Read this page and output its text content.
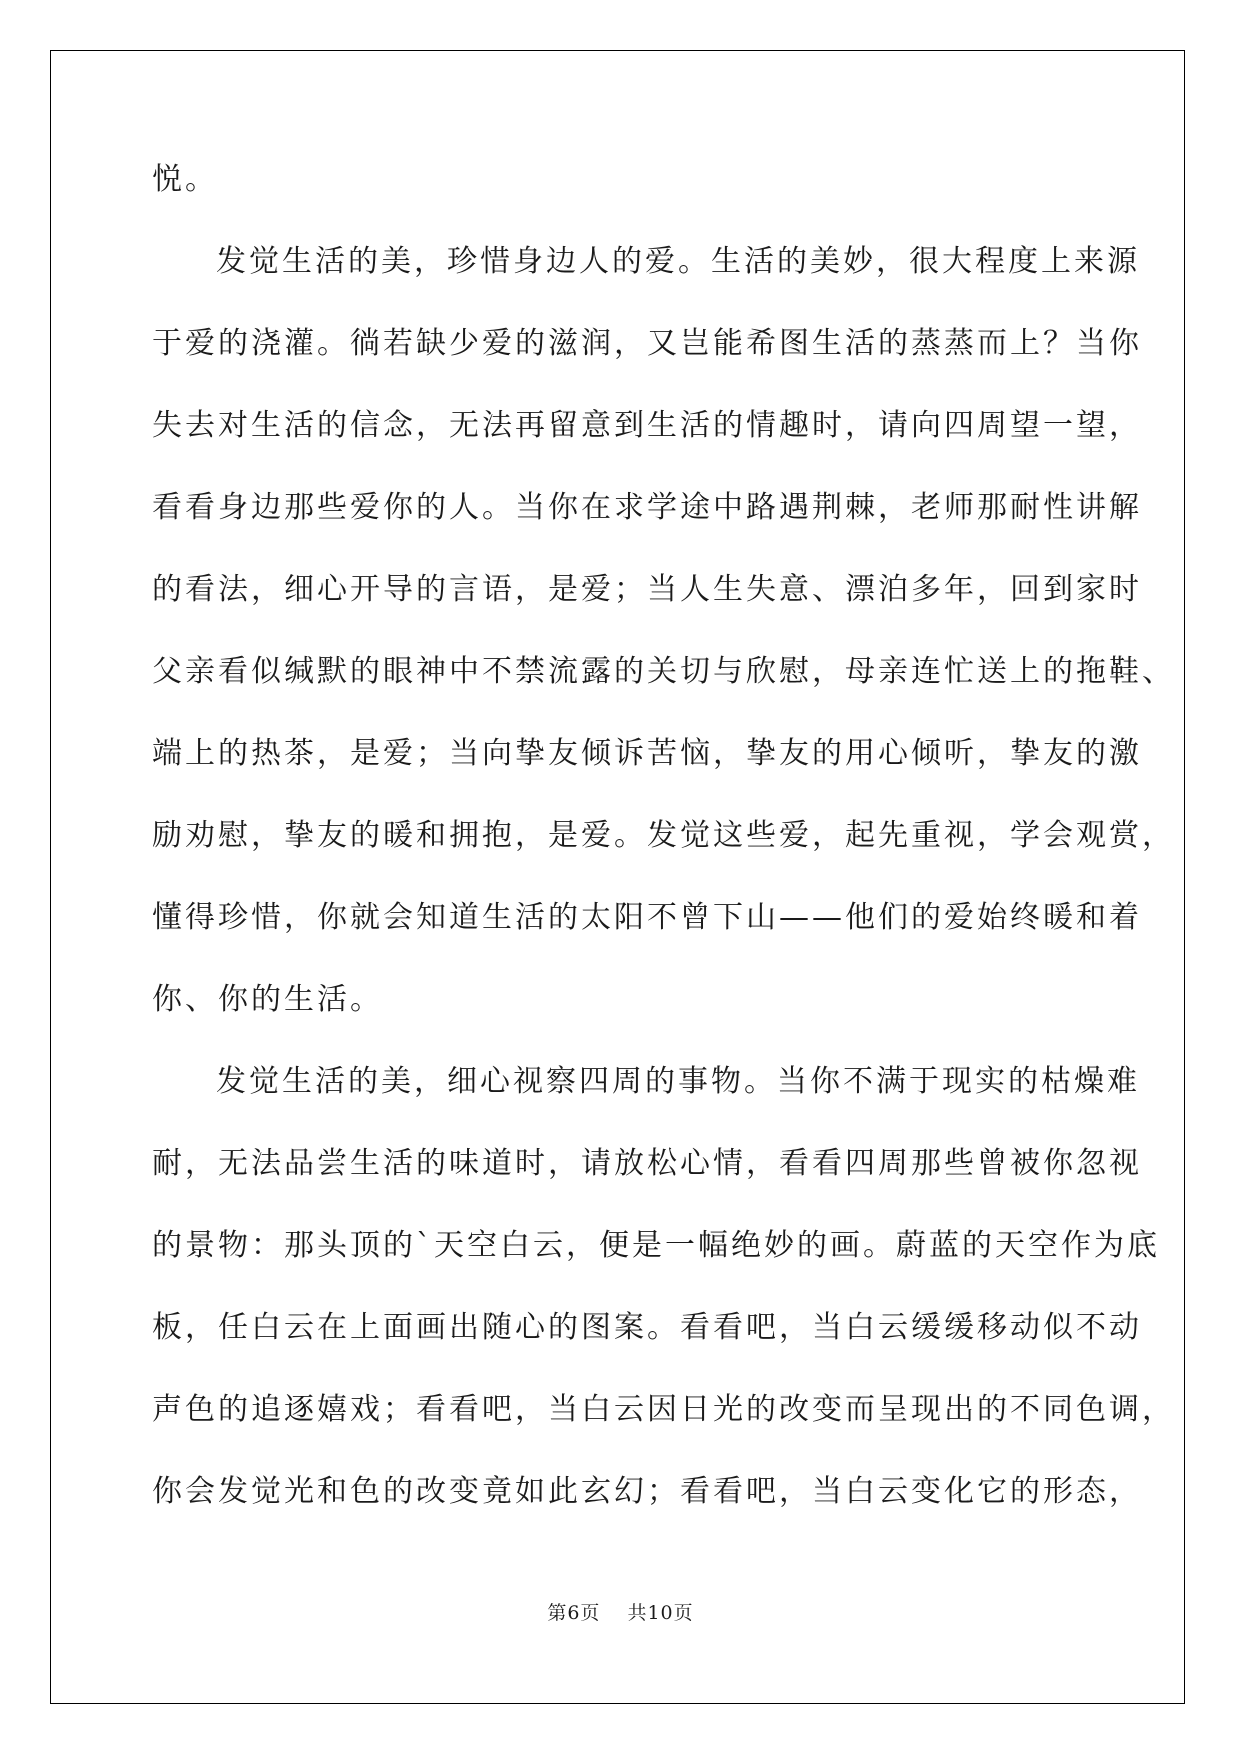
悦。
发觉生活的美，珍惜身边人的爱。生活的美妙，很大程度上来源
于爱的浇灌。徜若缺少爱的滋润，又岂能希图生活的蒸蒸而上？当你
失去对生活的信念，无法再留意到生活的情趣时，请向四周望一望，
看看身边那些爱你的人。当你在求学途中路遇荆棘，老师那耐性讲解
的看法，细心开导的言语，是爱；当人生失意、漂泊多年，回到家时
父亲看似缄默的眼神中不禁流露的关切与欣慰，母亲连忙送上的拖鞋、
端上的热茶，是爱；当向挚友倾诉苦恼，挚友的用心倾听，挚友的激
励劝慰，挚友的暖和拥抱，是爱。发觉这些爱，起先重视，学会观赏，
懂得珍惜，你就会知道生活的太阳不曾下山——他们的爱始终暖和着
你、你的生活。
发觉生活的美，细心视察四周的事物。当你不满于现实的枯燥难
耐，无法品尝生活的味道时，请放松心情，看看四周那些曾被你忽视
的景物：那头顶的`天空白云，便是一幅绝妙的画。蔚蓝的天空作为底
板，任白云在上面画出随心的图案。看看吧，当白云缓缓移动似不动
声色的追逐嬉戏；看看吧，当白云因日光的改变而呈现出的不同色调，
你会发觉光和色的改变竟如此玄幻；看看吧，当白云变化它的形态，
第6页 共10页
